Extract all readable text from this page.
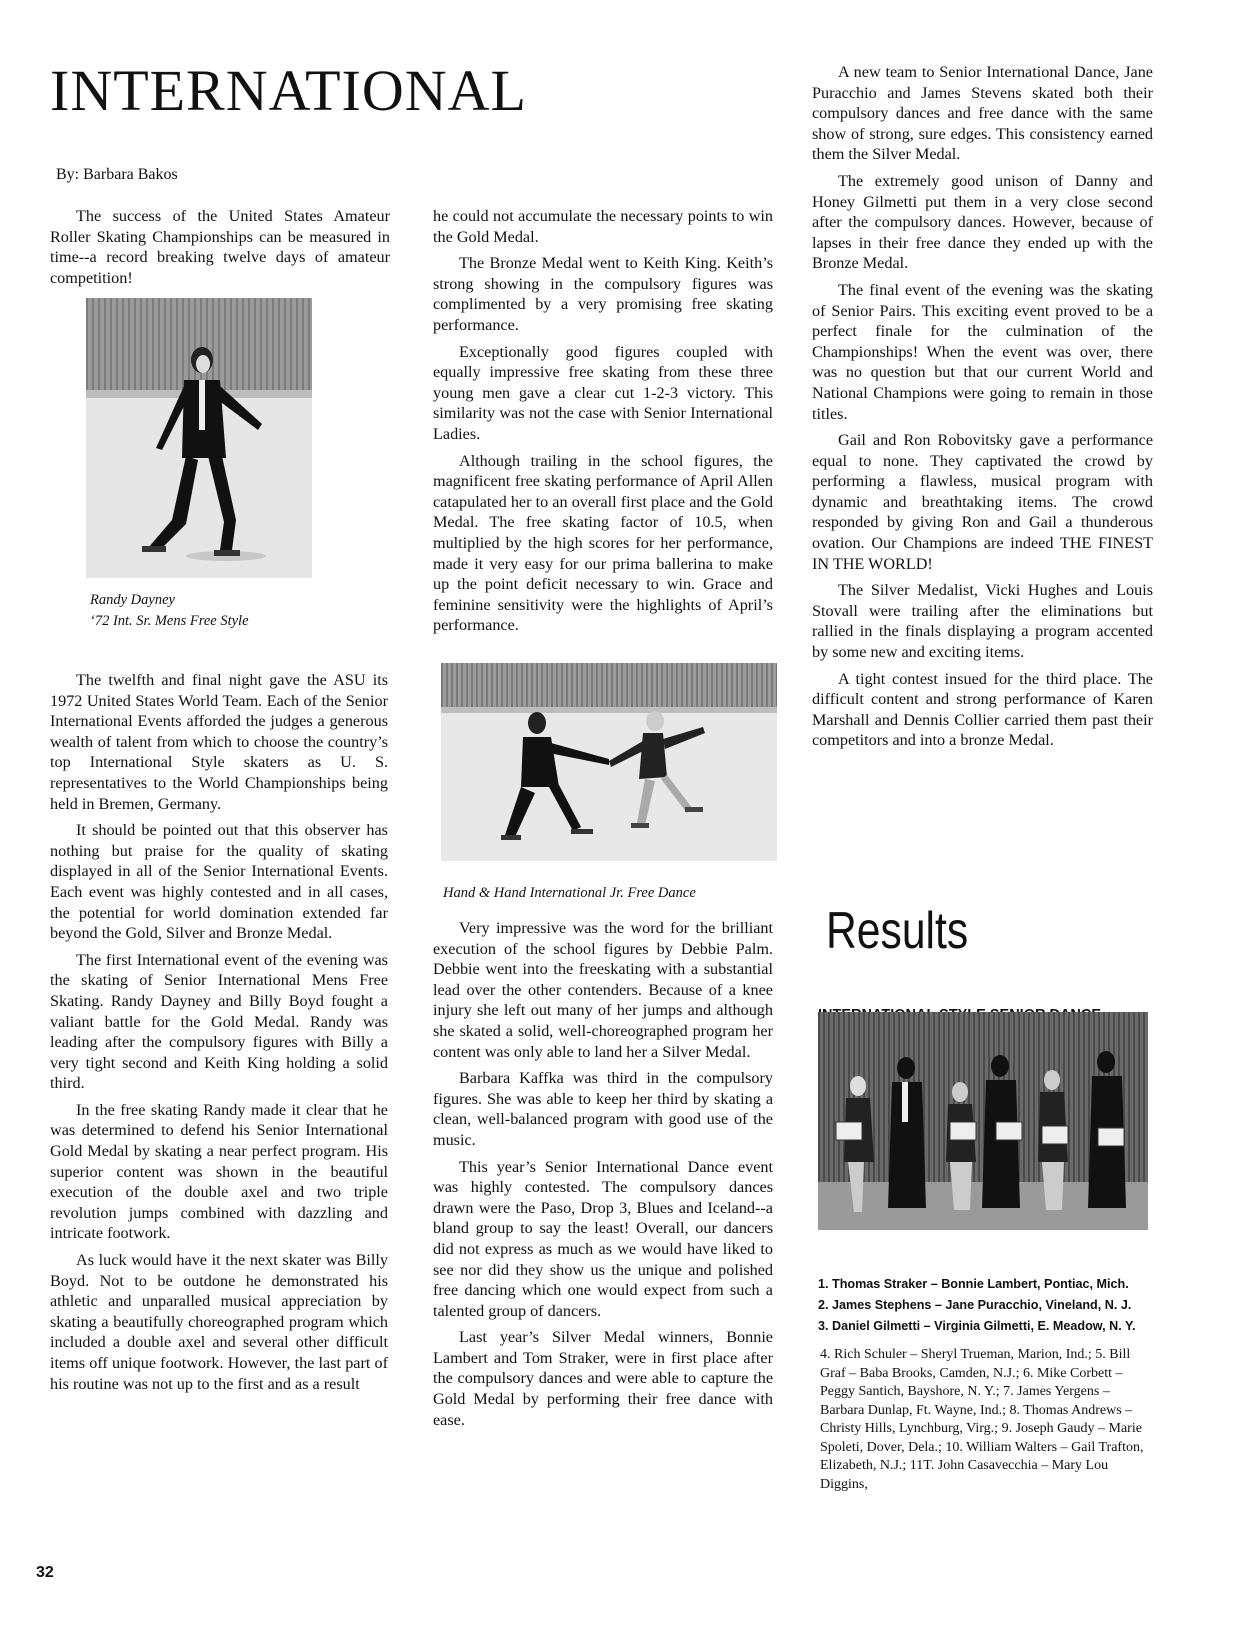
INTERNATIONAL
By: Barbara Bakos

The success of the United States Amateur Roller Skating Championships can be measured in time--a record breaking twelve days of amateur competition!

Randy Dayney
‘72 Int. Sr. Mens Free Style

The twelfth and final night gave the ASU its 1972 United States World Team. Each of the Senior International Events afforded the judges a generous wealth of talent from which to choose the country’s top International Style skaters as U. S. representatives to the World Championships being held in Bremen, Germany.

It should be pointed out that this observer has nothing but praise for the quality of skating displayed in all of the Senior International Events. Each event was highly contested and in all cases, the potential for world domination extended far beyond the Gold, Silver and Bronze Medal.

The first International event of the evening was the skating of Senior International Mens Free Skating. Randy Dayney and Billy Boyd fought a valiant battle for the Gold Medal. Randy was leading after the compulsory figures with Billy a very tight second and Keith King holding a solid third.

In the free skating Randy made it clear that he was determined to defend his Senior International Gold Medal by skating a near perfect program. His superior content was shown in the beautiful execution of the double axel and two triple revolution jumps combined with dazzling and intricate footwork.

As luck would have it the next skater was Billy Boyd. Not to be outdone he demonstrated his athletic and unparalled musical appreciation by skating a beautifully choreographed program which included a double axel and several other difficult items off unique footwork. However, the last part of his routine was not up to the first and as a result

he could not accumulate the necessary points to win the Gold Medal.

The Bronze Medal went to Keith King. Keith’s strong showing in the compulsory figures was complimented by a very promising free skating performance.

Exceptionally good figures coupled with equally impressive free skating from these three young men gave a clear cut 1-2-3 victory. This similarity was not the case with Senior International Ladies.

Although trailing in the school figures, the magnificent free skating performance of April Allen catapulated her to an overall first place and the Gold Medal. The free skating factor of 10.5, when multiplied by the high scores for her performance, made it very easy for our prima ballerina to make up the point deficit necessary to win. Grace and feminine sensitivity were the highlights of April’s performance.

Hand & Hand International Jr. Free Dance

Very impressive was the word for the brilliant execution of the school figures by Debbie Palm. Debbie went into the freeskating with a substantial lead over the other contenders. Because of a knee injury she left out many of her jumps and although she skated a solid, well-choreographed program her content was only able to land her a Silver Medal.

Barbara Kaffka was third in the compulsory figures. She was able to keep her third by skating a clean, well-balanced program with good use of the music.

This year’s Senior International Dance event was highly contested. The compulsory dances drawn were the Paso, Drop 3, Blues and Iceland--a bland group to say the least! Overall, our dancers did not express as much as we would have liked to see nor did they show us the unique and polished free dancing which one would expect from such a talented group of dancers.

Last year’s Silver Medal winners, Bonnie Lambert and Tom Straker, were in first place after the compulsory dances and were able to capture the Gold Medal by performing their free dance with ease.

A new team to Senior International Dance, Jane Puracchio and James Stevens skated both their compulsory dances and free dance with the same show of strong, sure edges. This consistency earned them the Silver Medal.

The extremely good unison of Danny and Honey Gilmetti put them in a very close second after the compulsory dances. However, because of lapses in their free dance they ended up with the Bronze Medal.

The final event of the evening was the skating of Senior Pairs. This exciting event proved to be a perfect finale for the culmination of the Championships! When the event was over, there was no question but that our current World and National Champions were going to remain in those titles.

Gail and Ron Robovitsky gave a performance equal to none. They captivated the crowd by performing a flawless, musical program with dynamic and breathtaking items. The crowd responded by giving Ron and Gail a thunderous ovation. Our Champions are indeed THE FINEST IN THE WORLD!

The Silver Medalist, Vicki Hughes and Louis Stovall were trailing after the eliminations but rallied in the finals displaying a program accented by some new and exciting items.

A tight contest insued for the third place. The difficult content and strong performance of Karen Marshall and Dennis Collier carried them past their competitors and into a bronze Medal.

Results
1. Thomas Straker – Bonnie Lambert, Pontiac, Mich.
2. James Stephens – Jane Puracchio, Vineland, N. J.
3. Daniel Gilmetti – Virginia Gilmetti, E. Meadow, N. Y.
4. Rich Schuler – Sheryl Trueman, Marion, Ind.; 5. Bill Graf – Baba Brooks, Camden, N.J.; 6. Mike Corbett – Peggy Santich, Bayshore, N. Y.; 7. James Yergens – Barbara Dunlap, Ft. Wayne, Ind.; 8. Thomas Andrews – Christy Hills, Lynchburg, Virg.; 9. Joseph Gaudy – Marie Spoleti, Dover, Dela.; 10. William Walters – Gail Trafton, Elizabeth, N.J.; 11T. John Casavecchia – Mary Lou Diggins,
32
